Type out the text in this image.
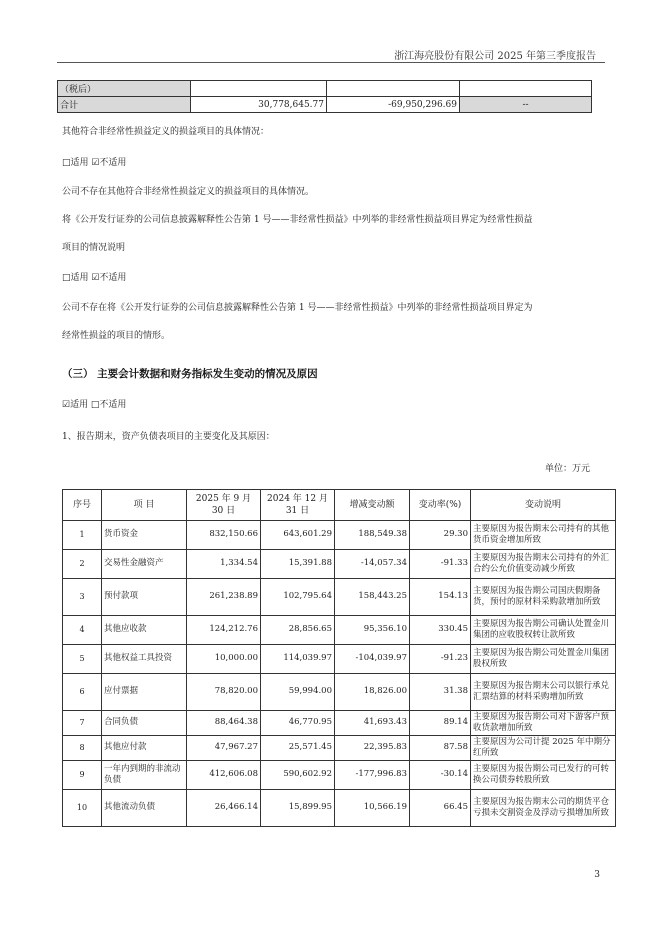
浙江海亮股份有限公司 2025 年第三季度报告
（税后）			
合计	30,778,645.77	-69,950,296.69	--
其他符合非经常性损益定义的损益项目的具体情况：
□适用 ☑不适用
公司不存在其他符合非经常性损益定义的损益项目的具体情况。
将《公开发行证券的公司信息披露解释性公告第 1 号——非经常性损益》中列举的非经常性损益项目界定为经常性损益
项目的情况说明
□适用 ☑不适用
公司不存在将《公开发行证券的公司信息披露解释性公告第 1 号——非经常性损益》中列举的非经常性损益项目界定为
经常性损益的项目的情形。
（三） 主要会计数据和财务指标发生变动的情况及原因
☑适用 □不适用
1、报告期末，资产负债表项目的主要变化及其原因：
单位：万元
序号	项 目	2025 年 9 月 30 日	2024 年 12 月 31 日	增减变动额	变动率(%)	变动说明
1	货币资金	832,150.66	643,601.29	188,549.38	29.30	主要原因为报告期末公司持有的其他货币资金增加所致
2	交易性金融资产	1,334.54	15,391.88	-14,057.34	-91.33	主要原因为报告期末公司持有的外汇合约公允价值变动减少所致
3	预付款项	261,238.89	102,795.64	158,443.25	154.13	主要原因为报告期公司国庆假期备货，预付的原材料采购款增加所致
4	其他应收款	124,212.76	28,856.65	95,356.10	330.45	主要原因为报告期公司确认处置金川集团的应收股权转让款所致
5	其他权益工具投资	10,000.00	114,039.97	-104,039.97	-91.23	主要原因为报告期公司处置金川集团股权所致
6	应付票据	78,820.00	59,994.00	18,826.00	31.38	主要原因为报告期末公司以银行承兑汇票结算的材料采购增加所致
7	合同负债	88,464.38	46,770.95	41,693.43	89.14	主要原因为报告期公司对下游客户预收货款增加所致
8	其他应付款	47,967.27	25,571.45	22,395.83	87.58	主要原因为公司计提 2025 年中期分红所致
9	一年内到期的非流动负债	412,606.08	590,602.92	-177,996.83	-30.14	主要原因为报告期公司已发行的可转换公司债券转股所致
10	其他流动负债	26,466.14	15,899.95	10,566.19	66.45	主要原因为报告期末公司的期货平仓亏损未交割资金及浮动亏损增加所致
3
